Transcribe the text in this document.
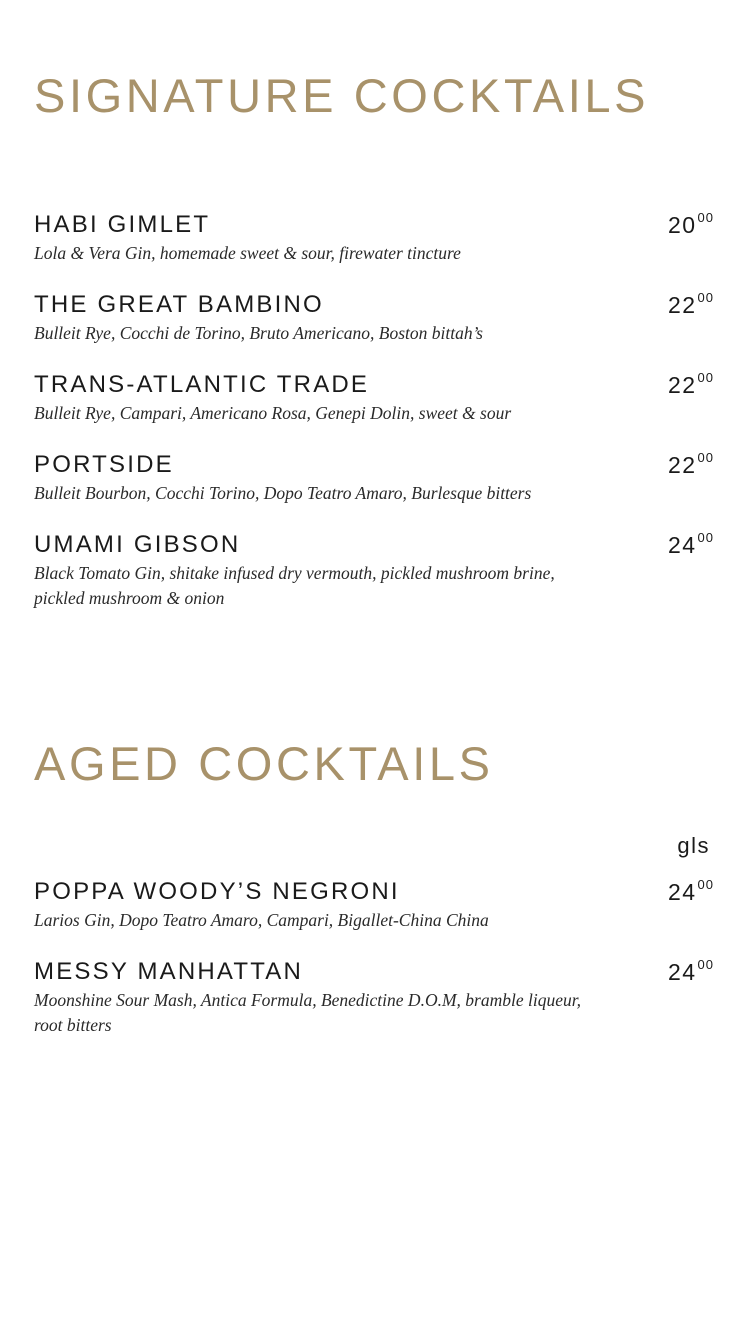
SIGNATURE COCKTAILS
HABI GIMLET	$20^{00}$
Lola & Vera Gin, homemade sweet & sour, firewater tincture
THE GREAT BAMBINO	$22^{00}$
Bulleit Rye, Cocchi de Torino, Bruto Americano, Boston bittah’s
TRANS-ATLANTIC TRADE	$22^{00}$
Bulleit Rye, Campari, Americano Rosa, Genepi Dolin, sweet & sour
PORTSIDE	$22^{00}$
Bulleit Bourbon, Cocchi Torino, Dopo Teatro Amaro, Burlesque bitters
UMAMI GIBSON	$24^{00}$
Black Tomato Gin, shitake infused dry vermouth, pickled mushroom brine, pickled mushroom & onion
AGED COCKTAILS
gls
POPPA WOODY’S NEGRONI	$24^{00}$
Larios Gin, Dopo Teatro Amaro, Campari, Bigallet-China China
MESSY MANHATTAN	$24^{00}$
Moonshine Sour Mash, Antica Formula, Benedictine D.O.M, bramble liqueur, root bitters
